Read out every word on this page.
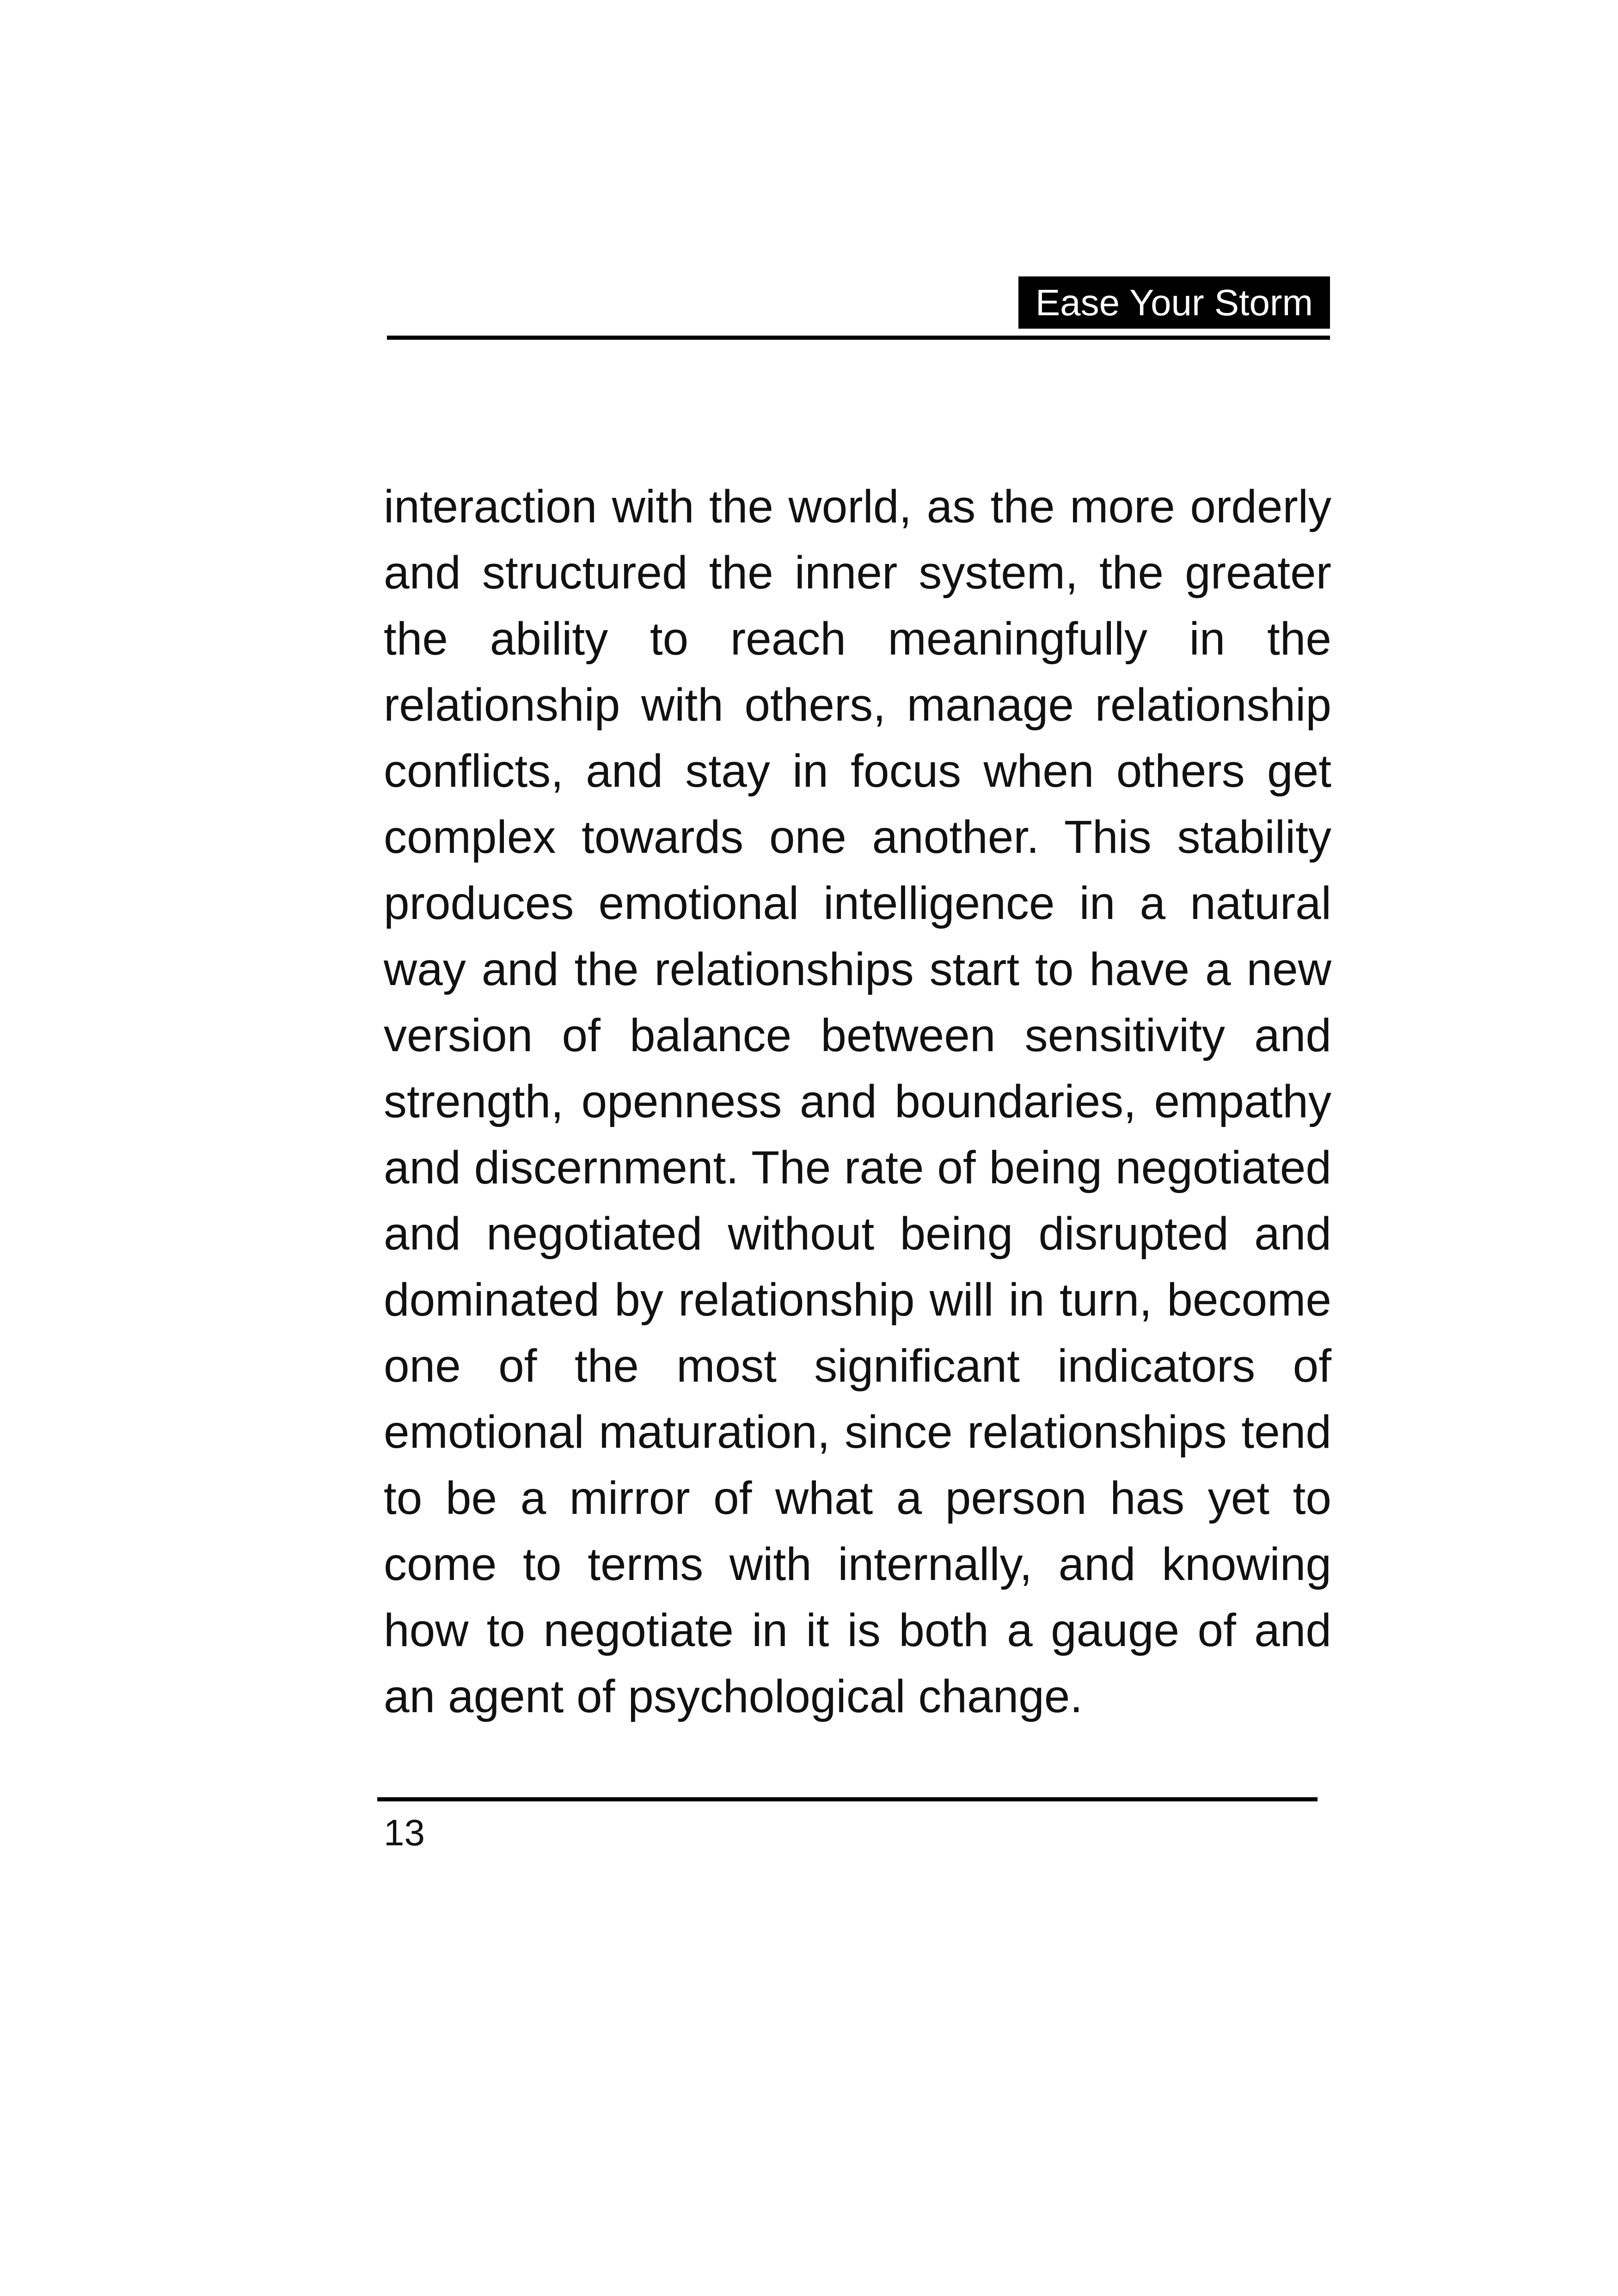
Ease Your Storm

interaction with the world, as the more orderly and structured the inner system, the greater the ability to reach meaningfully in the relationship with others, manage relationship conflicts, and stay in focus when others get complex towards one another. This stability produces emotional intelligence in a natural way and the relationships start to have a new version of balance between sensitivity and strength, openness and boundaries, empathy and discernment. The rate of being negotiated and negotiated without being disrupted and dominated by relationship will in turn, become one of the most significant indicators of emotional maturation, since relationships tend to be a mirror of what a person has yet to come to terms with internally, and knowing how to negotiate in it is both a gauge of and an agent of psychological change.

13
